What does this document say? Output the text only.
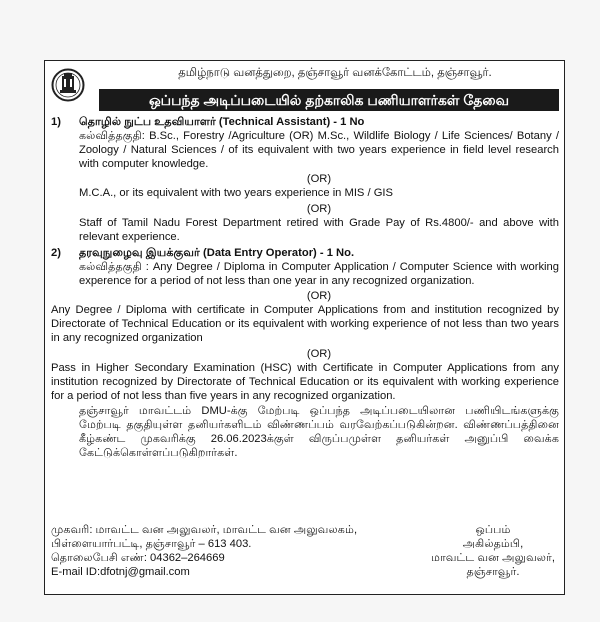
தமிழ்நாடு வனத்துறை, தஞ்சாவூர் வனக்கோட்டம், தஞ்சாவூர்.
ஒப்பந்த அடிப்படையில் தற்காலிக பணியாளர்கள் தேவை
1) தொழில் நுட்ப உதவியாளர் (Technical Assistant) - 1 No
கல்வித்தகுதி: B.Sc., Forestry /Agriculture (OR) M.Sc., Wildlife Biology / Life Sciences/ Botany / Zoology / Natural Sciences / of its equivalent with two years experience in field level research with computer knowledge.
(OR)
M.C.A., or its equivalent with two years experience in MIS / GIS
(OR)
Staff of Tamil Nadu Forest Department retired with Grade Pay of Rs.4800/- and above with relevant experience.
2) தரவுநுழைவு இயக்குவர் (Data Entry Operator) - 1 No.
கல்வித்தகுதி : Any Degree / Diploma in Computer Application / Computer Science with working experence for a period of not less than one year in any recognized organization.
(OR)
Any Degree / Diploma with certificate in Computer Applications from and institution recognized by Directorate of Technical Education or its equivalent with working experience of not less than two years in any recognized organization
(OR)
Pass in Higher Secondary Examination (HSC) with Certificate in Computer Applications from any institution recognized by Directorate of Technical Education or its equivalent with working experience for a period of not less than five years in any recognized organization.
தஞ்சாவூர் மாவட்டம் DMU-க்கு மேற்படி ஒப்பந்த அடிப்படையிலான பணியிடங்களுக்கு மேற்படி தகுதியுள்ள தனியர்களிடம் விண்ணப்பம் வரவேற்கப்படுகின்றன. விண்ணப்பத்தினை கீழ்கண்ட முகவரிக்கு 26.06.2023க்குள் விருப்பமுள்ள தனியர்கள் அனுப்பி வைக்க கேட்டுக்கொள்ளப்படுகிறார்கள்.
முகவரி: மாவட்ட வன அலுவலர், மாவட்ட வன அலுவலகம்,
பிள்ளையார்பட்டி, தஞ்சாவூர் – 613 403.
தொலைபேசி எண்: 04362–264669
E-mail ID:dfotnj@gmail.com
ஒப்பம்
அகில்தம்பி,
மாவட்ட வன அலுவலர்,
தஞ்சாவூர்.
